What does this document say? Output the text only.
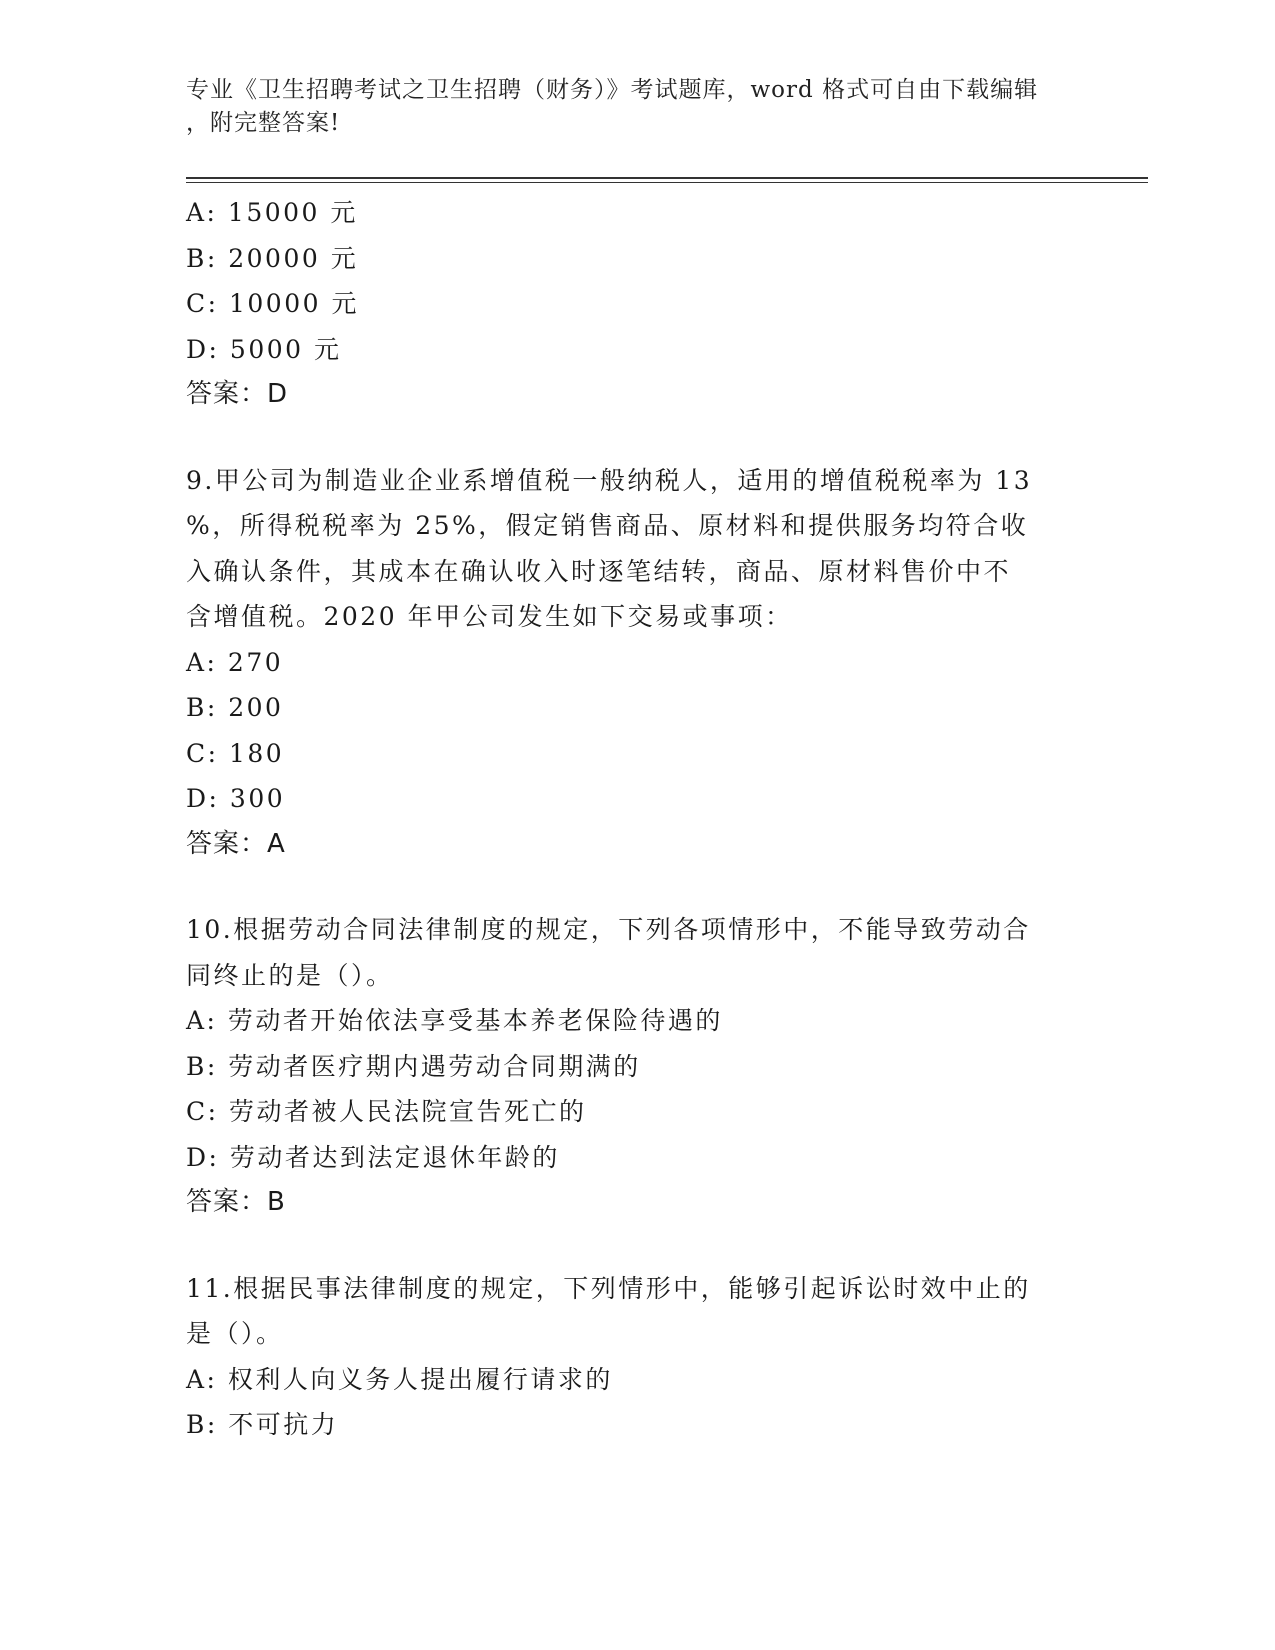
专业《卫生招聘考试之卫生招聘（财务）》考试题库，word 格式可自由下载编辑
，附完整答案!
A: 15000 元
B: 20000 元
C: 10000 元
D: 5000 元
答案：D
9.甲公司为制造业企业系增值税一般纳税人，适用的增值税税率为 13
%，所得税税率为 25%，假定销售商品、原材料和提供服务均符合收
入确认条件，其成本在确认收入时逐笔结转，商品、原材料售价中不
含增值税。2020 年甲公司发生如下交易或事项：
A: 270
B: 200
C: 180
D: 300
答案：A
10.根据劳动合同法律制度的规定，下列各项情形中，不能导致劳动合
同终止的是（）。
A: 劳动者开始依法享受基本养老保险待遇的
B: 劳动者医疗期内遇劳动合同期满的
C: 劳动者被人民法院宣告死亡的
D: 劳动者达到法定退休年龄的
答案：B
11.根据民事法律制度的规定，下列情形中，能够引起诉讼时效中止的
是（）。
A: 权利人向义务人提出履行请求的
B: 不可抗力
